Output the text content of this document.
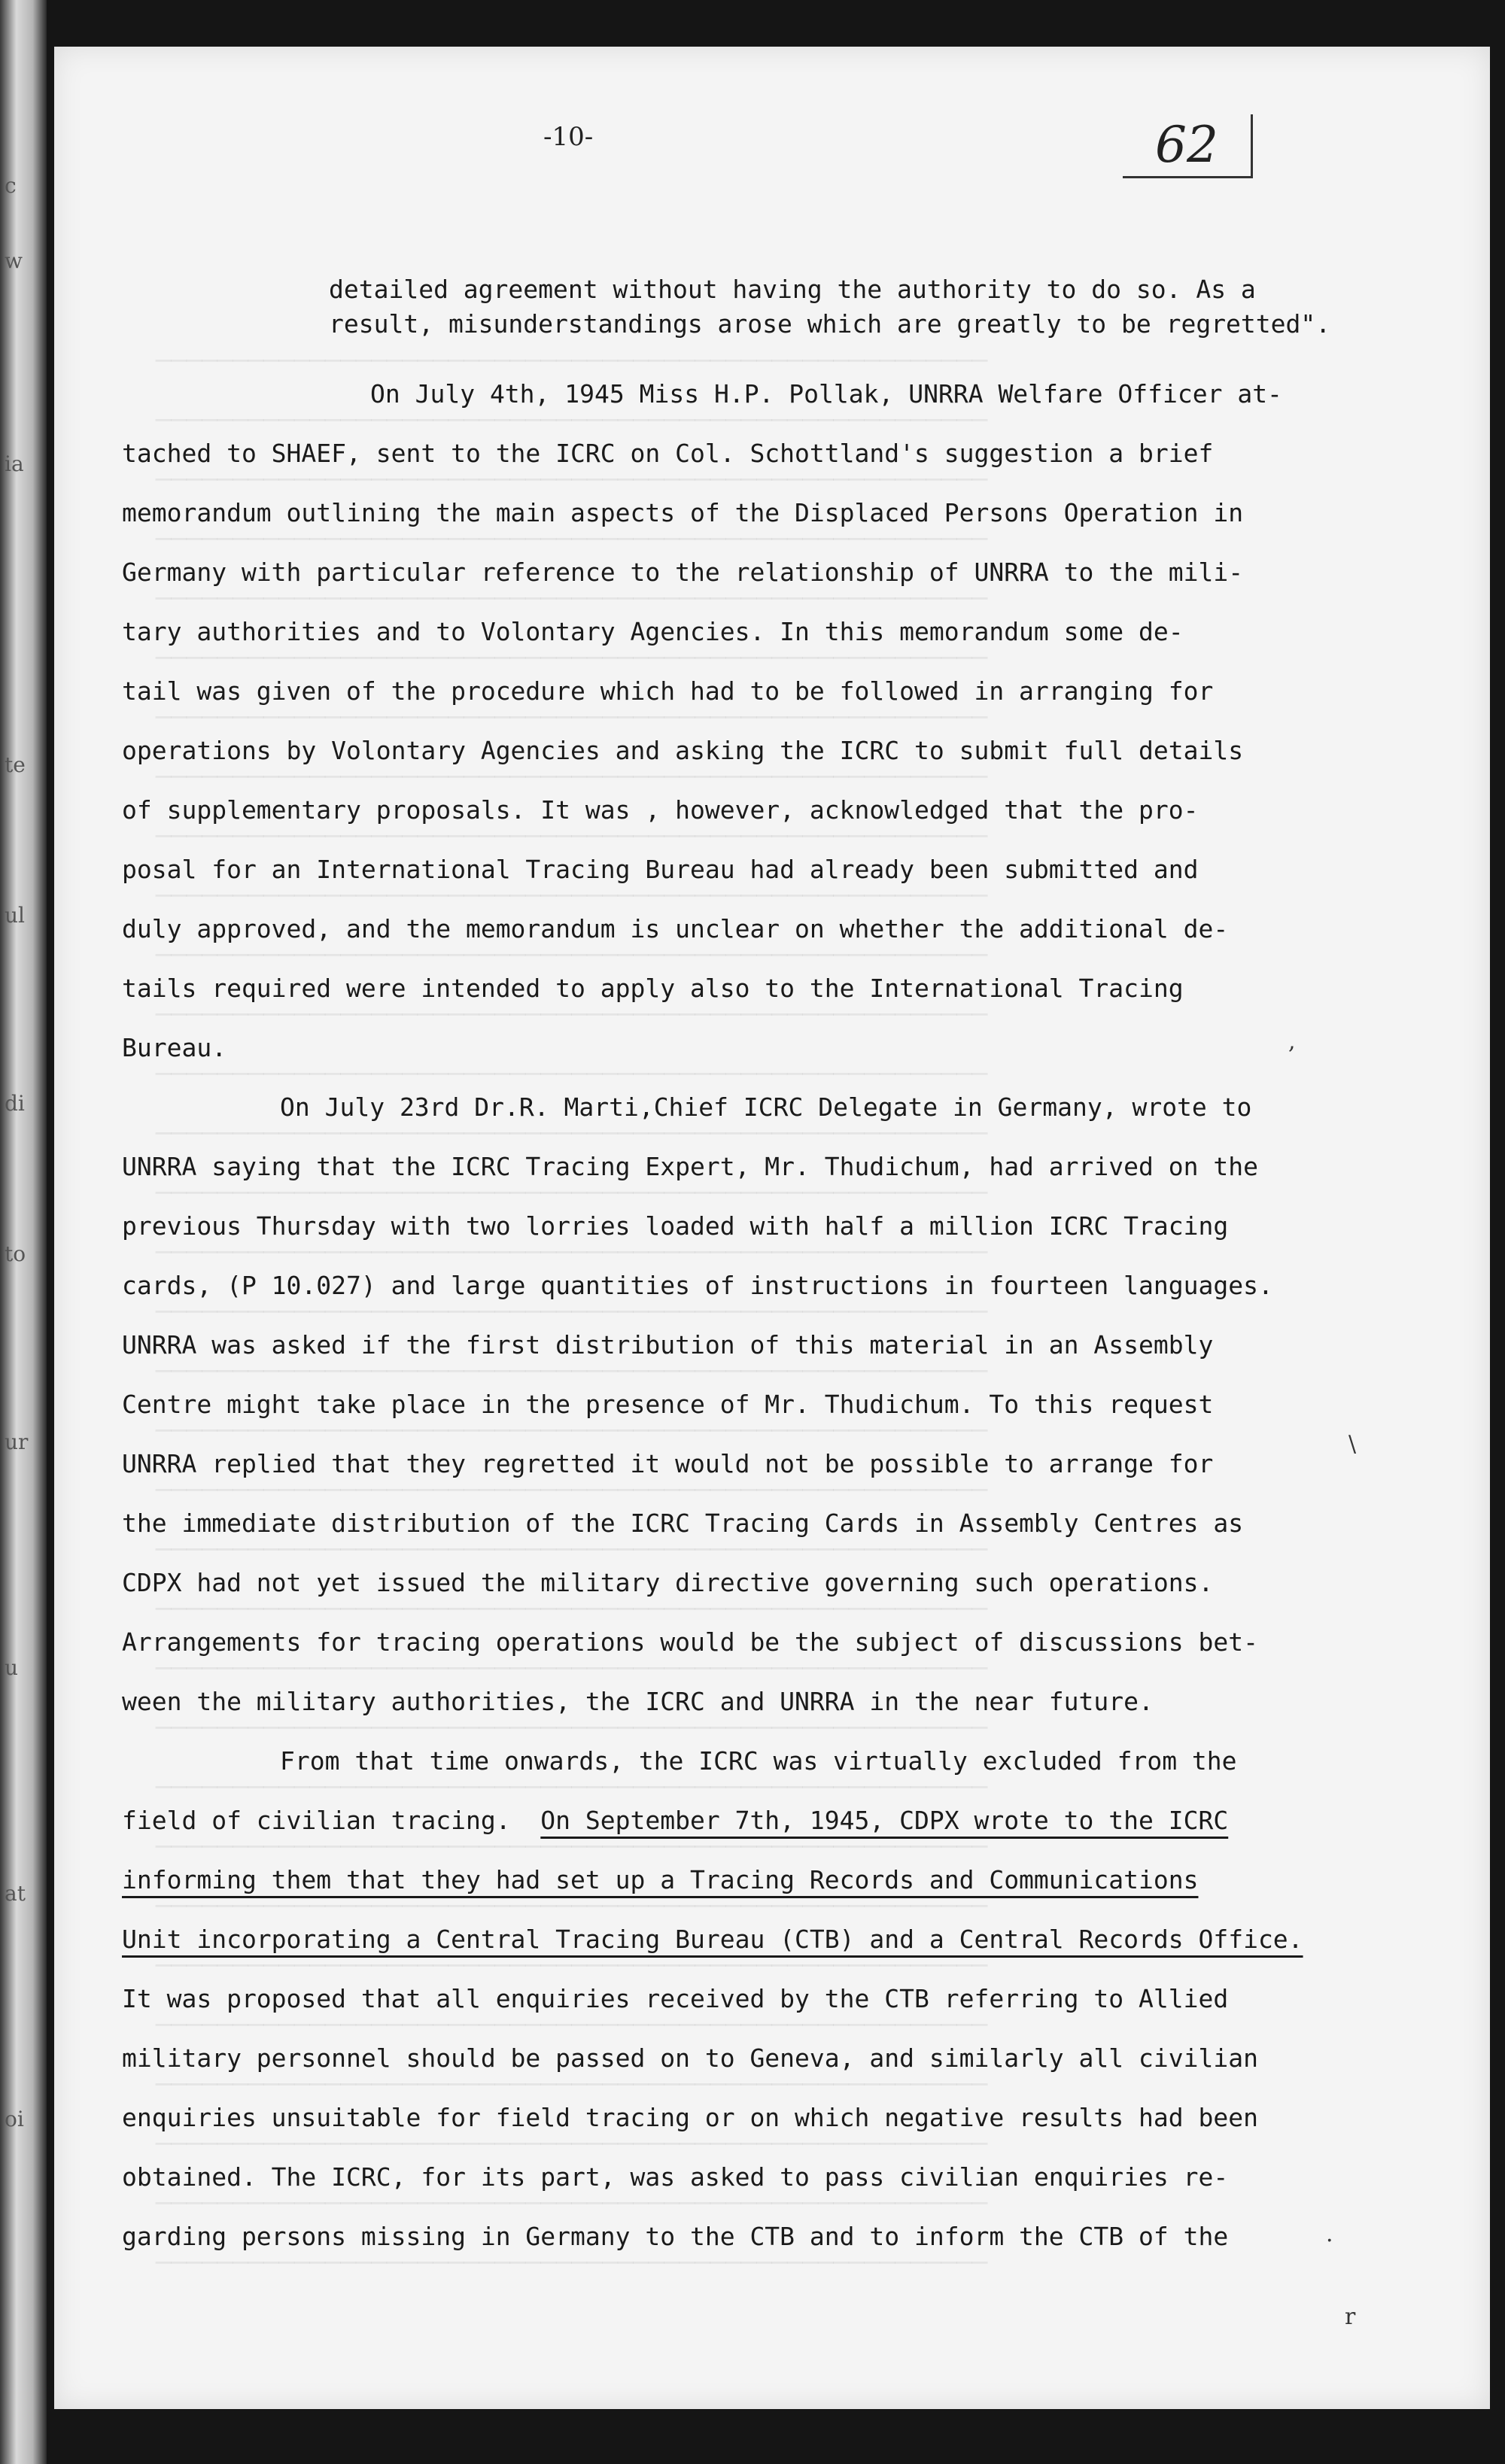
c
w
ia
te
ul
di
to
ur
u
at
oi

──────────────────────────────────────────────────────
──────────────────────────────────────────────────────
──────────────────────────────────────────────────────
──────────────────────────────────────────────────────
──────────────────────────────────────────────────────
──────────────────────────────────────────────────────
──────────────────────────────────────────────────────
──────────────────────────────────────────────────────
──────────────────────────────────────────────────────
──────────────────────────────────────────────────────
──────────────────────────────────────────────────────
──────────────────────────────────────────────────────
──────────────────────────────────────────────────────
──────────────────────────────────────────────────────
──────────────────────────────────────────────────────
──────────────────────────────────────────────────────
──────────────────────────────────────────────────────
──────────────────────────────────────────────────────
──────────────────────────────────────────────────────
──────────────────────────────────────────────────────
──────────────────────────────────────────────────────
──────────────────────────────────────────────────────
──────────────────────────────────────────────────────
──────────────────────────────────────────────────────
──────────────────────────────────────────────────────
──────────────────────────────────────────────────────
──────────────────────────────────────────────────────
──────────────────────────────────────────────────────
──────────────────────────────────────────────────────
──────────────────────────────────────────────────────
──────────────────────────────────────────────────────
──────────────────────────────────────────────────────
──────────────────────────────────────────────────────

-10-	62
,
\
.
r
detailed agreement without having the authority to do so. As a
result, misunderstandings arose which are greatly to be regretted".
On July 4th, 1945 Miss H.P. Pollak, UNRRA Welfare Officer at-
tached to SHAEF, sent to the ICRC on Col. Schottland's suggestion a brief
memorandum outlining the main aspects of the Displaced Persons Operation in
Germany with particular reference to the relationship of UNRRA to the mili-
tary authorities and to Volontary Agencies. In this memorandum some de-
tail was given of the procedure which had to be followed in arranging for
operations by Volontary Agencies and asking the ICRC to submit full details
of supplementary proposals. It was , however, acknowledged that the pro-
posal for an International Tracing Bureau had already been submitted and
duly approved, and the memorandum is unclear on whether the additional de-
tails required were intended to apply also to the International Tracing
Bureau.
On July 23rd Dr.R. Marti,Chief ICRC Delegate in Germany, wrote to
UNRRA saying that the ICRC Tracing Expert, Mr. Thudichum, had arrived on the
previous Thursday with two lorries loaded with half a million ICRC Tracing
cards, (P 10.027) and large quantities of instructions in fourteen languages.
UNRRA was asked if the first distribution of this material in an Assembly
Centre might take place in the presence of Mr. Thudichum. To this request
UNRRA replied that they regretted it would not be possible to arrange for
the immediate distribution of the ICRC Tracing Cards in Assembly Centres as
CDPX had not yet issued the military directive governing such operations.
Arrangements for tracing operations would be the subject of discussions bet-
ween the military authorities, the ICRC and UNRRA in the near future.
From that time onwards, the ICRC was virtually excluded from the
field of civilian tracing.  On September 7th, 1945, CDPX wrote to the ICRC
informing them that they had set up a Tracing Records and Communications
Unit incorporating a Central Tracing Bureau (CTB) and a Central Records Office.
It was proposed that all enquiries received by the CTB referring to Allied
military personnel should be passed on to Geneva, and similarly all civilian
enquiries unsuitable for field tracing or on which negative results had been
obtained. The ICRC, for its part, was asked to pass civilian enquiries re-
garding persons missing in Germany to the CTB and to inform the CTB of the
